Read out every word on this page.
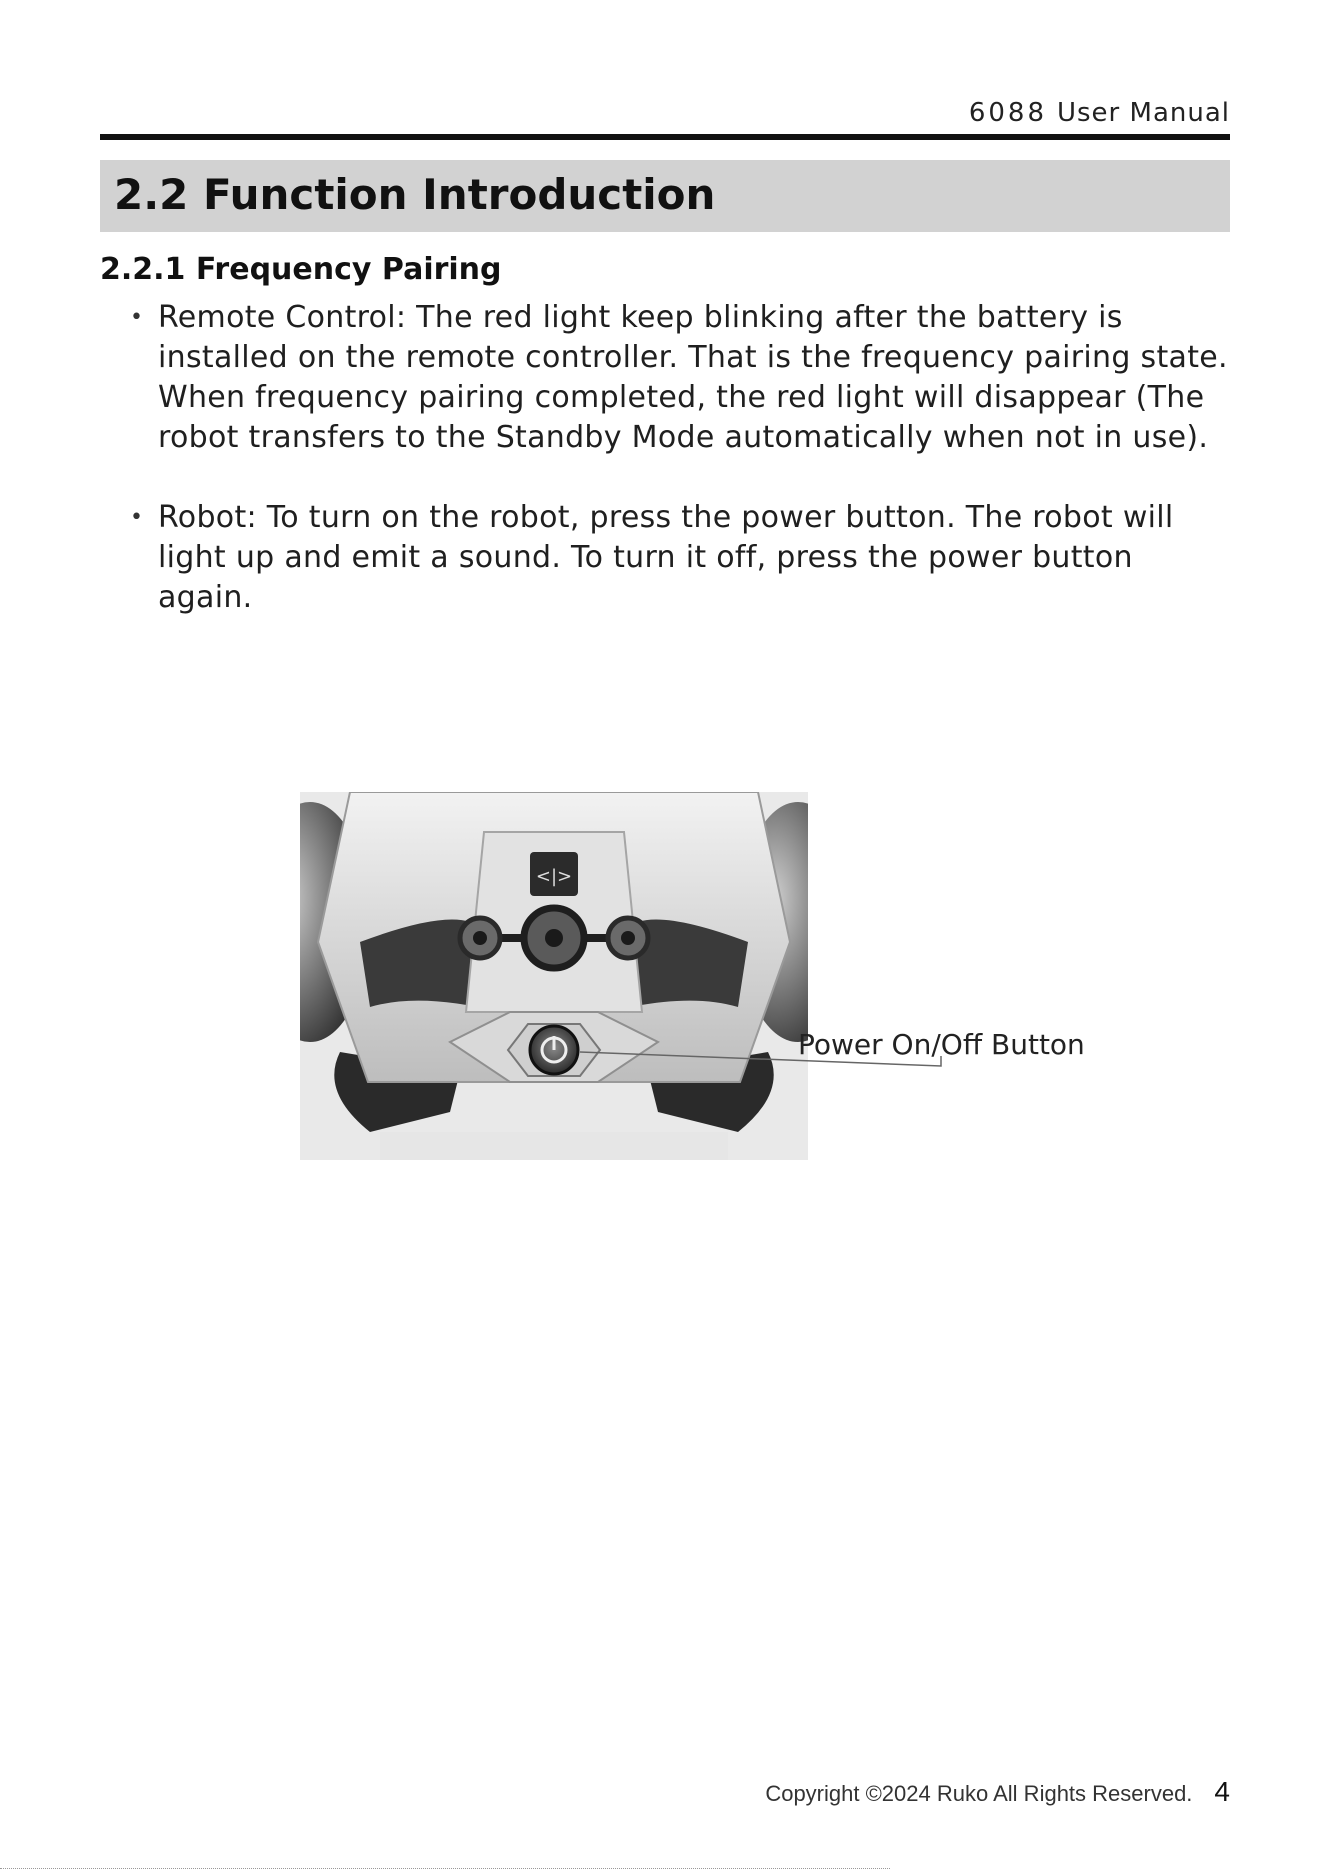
6088 User Manual
2.2 Function Introduction
2.2.1 Frequency Pairing
• Remote Control: The red light keep blinking after the battery is installed on the remote controller. That is the frequency pairing state. When frequency pairing completed, the red light will disappear (The robot transfers to the Standby Mode automatically when not in use).
• Robot: To turn on the robot, press the power button. The robot will light up and emit a sound. To turn it off, press the power button again.
<|>
Power On/Off Button
Copyright ©2024 Ruko All Rights Reserved. 4
